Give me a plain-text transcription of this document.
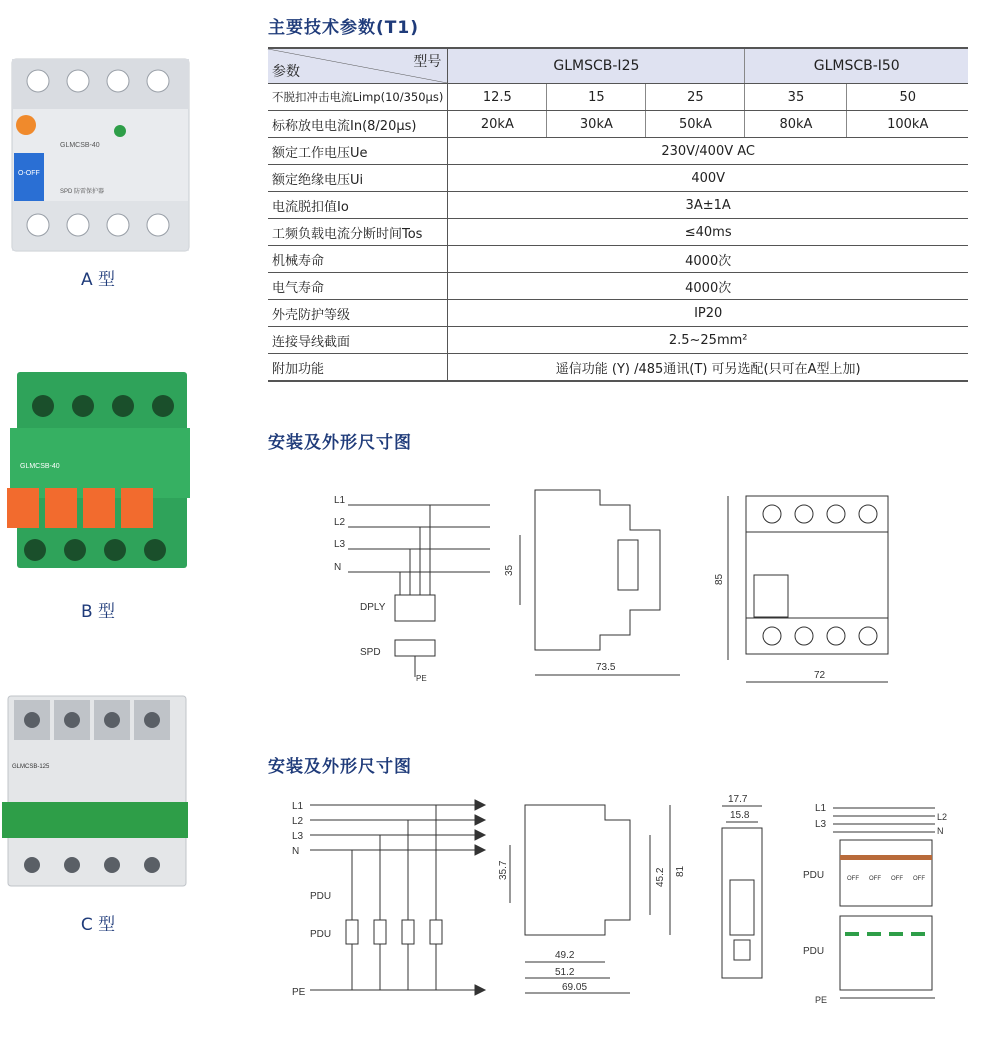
O-OFF
GLMCSB-40
SPD 防雷保护器
A 型
GLMCSB-40
B 型
GLMCSB-125
C 型
主要技术参数(T1)
型号
参数	GLMSCB-I25			GLMSCB-I50	
不脱扣冲击电流Limp(10/350μs)	12.5	15	25	35	50
标称放电电流In(8/20μs)	20kA	30kA	50kA	80kA	100kA
额定工作电压Ue	230V/400V AC				
额定绝缘电压Ui	400V				
电流脱扣值Io	3A±1A				
工频负载电流分断时间Tos	≤40ms				
机械寿命	4000次				
电气寿命	4000次				
外壳防护等级	IP20				
连接导线截面	2.5~25mm²				
附加功能	遥信功能 (Y) /485通讯(T) 可另选配(只可在A型上加)				
安装及外形尺寸图
L1
L2
L3
N
DPLY
SPD
PE
35
73.5
85
72
安装及外形尺寸图
L1
L2
L3
N
PDU
PDU
PE
35.7	45.2 81
49.2
51.2
69.05
17.7
15.8
L1
L3
L2
N
PDU
PDU
OFF OFF OFF OFF
PE
